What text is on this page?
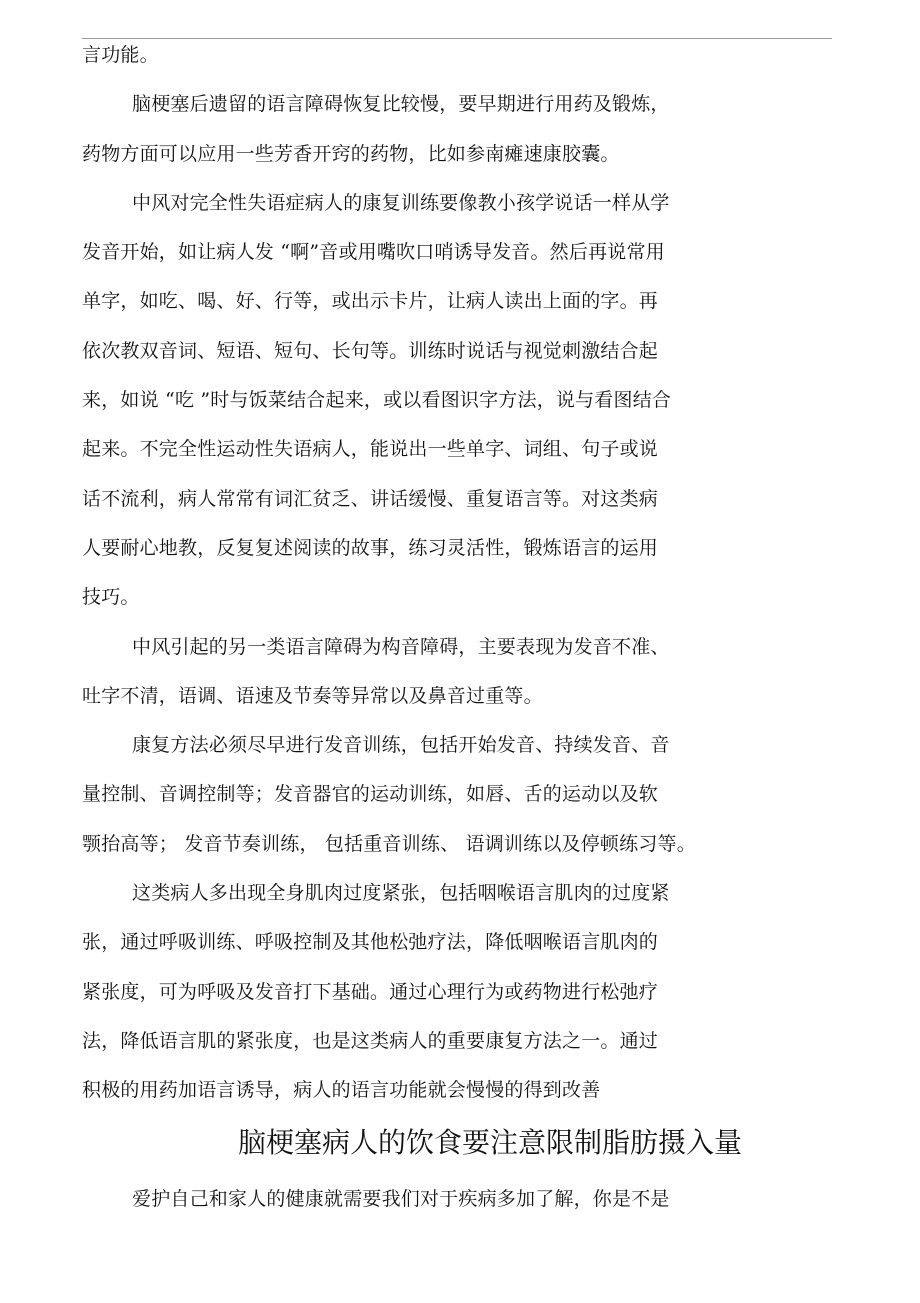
言功能。
脑梗塞后遗留的语言障碍恢复比较慢，要早期进行用药及锻炼，
药物方面可以应用一些芳香开窍的药物，比如参南瘫速康胶囊。
中风对完全性失语症病人的康复训练要像教小孩学说话一样从学
发音开始，如让病人发 “啊”音或用嘴吹口哨诱导发音。然后再说常用
单字，如吃、喝、好、行等，或出示卡片，让病人读出上面的字。再
依次教双音词、短语、短句、长句等。训练时说话与视觉刺激结合起
来，如说 “吃 ”时与饭菜结合起来，或以看图识字方法，说与看图结合
起来。不完全性运动性失语病人，能说出一些单字、词组、句子或说
话不流利，病人常常有词汇贫乏、讲话缓慢、重复语言等。对这类病
人要耐心地教，反复复述阅读的故事，练习灵活性，锻炼语言的运用
技巧。
中风引起的另一类语言障碍为构音障碍，主要表现为发音不准、
吐字不清，语调、语速及节奏等异常以及鼻音过重等。
康复方法必须尽早进行发音训练，包括开始发音、持续发音、音
量控制、音调控制等；发音器官的运动训练，如唇、舌的运动以及软
颚抬高等； 发音节奏训练， 包括重音训练、 语调训练以及停顿练习等。
这类病人多出现全身肌肉过度紧张，包括咽喉语言肌肉的过度紧
张，通过呼吸训练、呼吸控制及其他松弛疗法，降低咽喉语言肌肉的
紧张度，可为呼吸及发音打下基础。通过心理行为或药物进行松弛疗
法，降低语言肌的紧张度，也是这类病人的重要康复方法之一。通过
积极的用药加语言诱导，病人的语言功能就会慢慢的得到改善
脑梗塞病人的饮食要注意限制脂肪摄入量
爱护自己和家人的健康就需要我们对于疾病多加了解，你是不是
